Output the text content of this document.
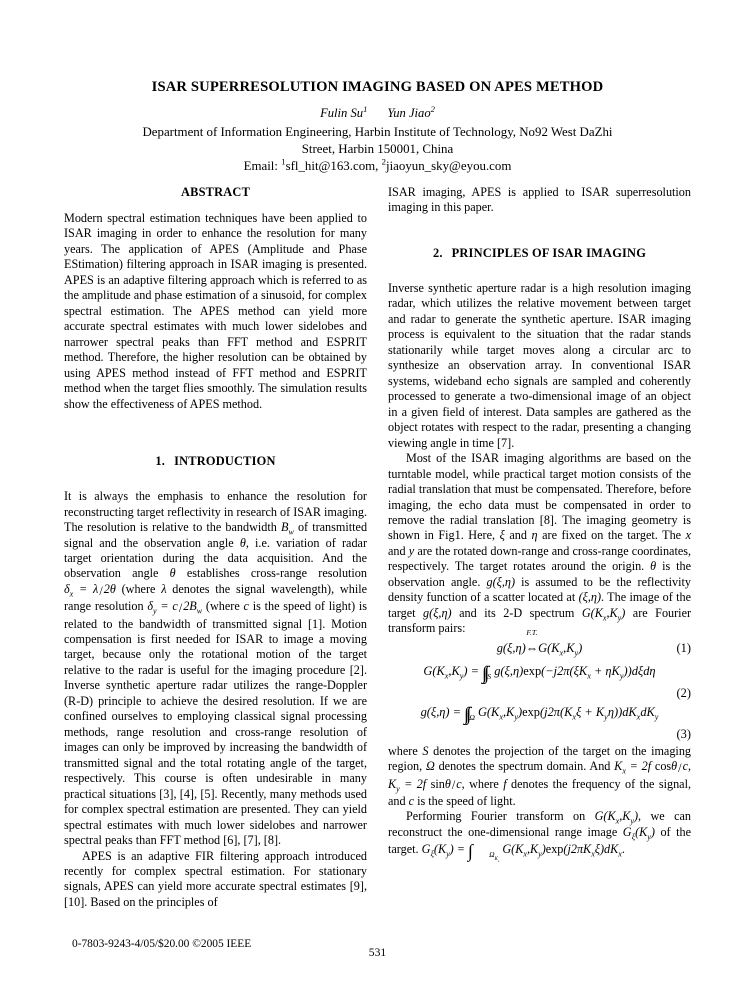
ISAR SUPERRESOLUTION IMAGING BASED ON APES METHOD
Fulin Su$^1$ Yun Jiao$^2$
Department of Information Engineering, Harbin Institute of Technology, No92 West DaZhi
Street, Harbin 150001, China
Email: $^1$sfl_hit@163.com, $^2$jiaoyun_sky@eyou.com
ABSTRACT

Modern spectral estimation techniques have been applied to ISAR imaging in order to enhance the resolution for many years. The application of APES (Amplitude and Phase EStimation) filtering approach in ISAR imaging is presented. APES is an adaptive filtering approach which is referred to as the amplitude and phase estimation of a sinusoid, for complex spectral estimation. The APES method can yield more accurate spectral estimates with much lower sidelobes and narrower spectral peaks than FFT method and ESPRIT method. Therefore, the higher resolution can be obtained by using APES method instead of FFT method and ESPRIT method when the target flies smoothly. The simulation results show the effectiveness of APES method.

1. INTRODUCTION

It is always the emphasis to enhance the resolution for reconstructing target reflectivity in research of ISAR imaging. The resolution is relative to the bandwidth $B_w$ of transmitted signal and the observation angle θ, i.e. variation of radar target orientation during the data acquisition. And the observation angle θ establishes cross-range resolution $\delta_x = \lambda/2\theta$ (where λ denotes the signal wavelength), while range resolution $\delta_y = c/2B_w$ (where c is the speed of light) is related to the bandwidth of transmitted signal [1]. Motion compensation is first needed for ISAR to image a moving target, because only the rotational motion of the target relative to the radar is useful for the imaging procedure [2]. Inverse synthetic aperture radar utilizes the range-Doppler (R-D) principle to achieve the desired resolution. If we are confined ourselves to employing classical signal processing methods, range resolution and cross-range resolution of images can only be improved by increasing the bandwidth of transmitted signal and the total rotating angle of the target, respectively. This course is often undesirable in many practical situations [3], [4], [5]. Recently, many methods used for complex spectral estimation are presented. They can yield spectral estimates with much lower sidelobes and narrower spectral peaks than FFT method [6], [7], [8].

APES is an adaptive FIR filtering approach introduced recently for complex spectral estimation. For stationary signals, APES can yield more accurate spectral estimates [9], [10]. Based on the principles of

ISAR imaging, APES is applied to ISAR superresolution imaging in this paper.

2. PRINCIPLES OF ISAR IMAGING

Inverse synthetic aperture radar is a high resolution imaging radar, which utilizes the relative movement between target and radar to generate the synthetic aperture. ISAR imaging process is equivalent to the situation that the radar stands stationarily while target moves along a circular arc to synthesize an observation array. In conventional ISAR systems, wideband echo signals are sampled and coherently processed to generate a two-dimensional image of an object in a given field of interest. Data samples are gathered as the object rotates with respect to the radar, presenting a changing viewing angle in time [7].

Most of the ISAR imaging algorithms are based on the turntable model, while practical target motion consists of the radial translation that must be compensated. Therefore, before imaging, the echo data must be compensated in order to remove the radial translation [8]. The imaging geometry is shown in Fig1. Here, ξ and η are fixed on the target. The x and y are the rotated down-range and cross-range coordinates, respectively. The target rotates around the origin. θ is the observation angle. g(ξ,η) is assumed to be the reflectivity density function of a scatter located at (ξ,η). The image of the target g(ξ,η) and its 2-D spectrum $G(K_x,K_y)$ are Fourier transform pairs:

g(ξ,η)
F.T.
$\Leftrightarrow G(K_x,K_y)$	(1)
$G(K_x,K_y) = \int\int S$ $g(\xi,\eta)\exp(-j2\pi(\xi K_x + \eta K_y))d\xi d\eta$
(2)
g(ξ,η) = ∫∫Ω $G(K_x,K_y)\exp(j2\pi(K_x\xi + K_y\eta))dK_xdK_y$
(3)

where S denotes the projection of the target on the imaging region, Ω denotes the spectrum domain. And $K_x = 2f$ cosθ/c, $K_y = 2f$ sinθ/c, where f denotes the frequency of the signal, and c is the speed of light.

Performing Fourier transform on $G(K_x,K_y)$, we can reconstruct the one-dimensional range image $G_\xi(K_y)$ of the target. $G_\xi(K_y)$ = ∫	$\Omega_{K_x}$ $G(K_x,K_y)\exp(j2\pi K_x\xi)dK_x$.

0-7803-9243-4/05/$20.00 ©2005 IEEE
531
